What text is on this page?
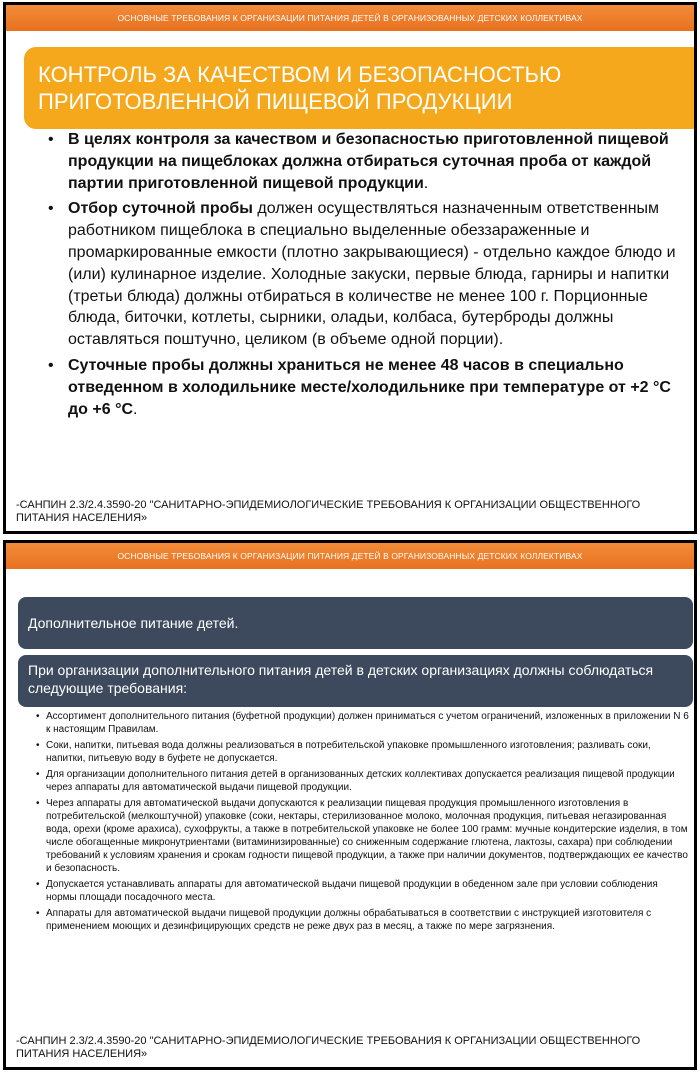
ОСНОВНЫЕ ТРЕБОВАНИЯ К ОРГАНИЗАЦИИ ПИТАНИЯ ДЕТЕЙ В ОРГАНИЗОВАННЫХ ДЕТСКИХ КОЛЛЕКТИВАХ
КОНТРОЛЬ ЗА КАЧЕСТВОМ И БЕЗОПАСНОСТЬЮ
ПРИГОТОВЛЕННОЙ ПИЩЕВОЙ ПРОДУКЦИИ
• В целях контроля за качеством и безопасностью приготовленной пищевой продукции на пищеблоках должна отбираться суточная проба от каждой партии приготовленной пищевой продукции.
• Отбор суточной пробы должен осуществляться назначенным ответственным работником пищеблока в специально выделенные обеззараженные и промаркированные емкости (плотно закрывающиеся) - отдельно каждое блюдо и (или) кулинарное изделие. Холодные закуски, первые блюда, гарниры и напитки (третьи блюда) должны отбираться в количестве не менее 100 г. Порционные блюда, биточки, котлеты, сырники, оладьи, колбаса, бутерброды должны оставляться поштучно, целиком (в объеме одной порции).
• Суточные пробы должны храниться не менее 48 часов в специально отведенном в холодильнике месте/холодильнике при температуре от +2 °С до +6 °С.
-САНПИН 2.3/2.4.3590-20 "САНИТАРНО-ЭПИДЕМИОЛОГИЧЕСКИЕ ТРЕБОВАНИЯ К ОРГАНИЗАЦИИ ОБЩЕСТВЕННОГО ПИТАНИЯ НАСЕЛЕНИЯ»
ОСНОВНЫЕ ТРЕБОВАНИЯ К ОРГАНИЗАЦИИ ПИТАНИЯ ДЕТЕЙ В ОРГАНИЗОВАННЫХ ДЕТСКИХ КОЛЛЕКТИВАХ
Дополнительное питание детей.
При организации дополнительного питания детей в детских организациях должны соблюдаться следующие требования:
• Ассортимент дополнительного питания (буфетной продукции) должен приниматься с учетом ограничений, изложенных в приложении N 6 к настоящим Правилам.
• Соки, напитки, питьевая вода должны реализоваться в потребительской упаковке промышленного изготовления; разливать соки, напитки, питьевую воду в буфете не допускается.
• Для организации дополнительного питания детей в организованных детских коллективах допускается реализация пищевой продукции через аппараты для автоматической выдачи пищевой продукции.
• Через аппараты для автоматической выдачи допускаются к реализации пищевая продукция промышленного изготовления в потребительской (мелкоштучной) упаковке (соки, нектары, стерилизованное молоко, молочная продукция, питьевая негазированная вода, орехи (кроме арахиса), сухофрукты, а также в потребительской упаковке не более 100 грамм: мучные кондитерские изделия, в том числе обогащенные микронутриентами (витаминизированные) со сниженным содержание глютена, лактозы, сахара) при соблюдении требований к условиям хранения и срокам годности пищевой продукции, а также при наличии документов, подтверждающих ее качество и безопасность.
• Допускается устанавливать аппараты для автоматической выдачи пищевой продукции в обеденном зале при условии соблюдения нормы площади посадочного места.
• Аппараты для автоматической выдачи пищевой продукции должны обрабатываться в соответствии с инструкцией изготовителя с применением моющих и дезинфицирующих средств не реже двух раз в месяц, а также по мере загрязнения.
-САНПИН 2.3/2.4.3590-20 "САНИТАРНО-ЭПИДЕМИОЛОГИЧЕСКИЕ ТРЕБОВАНИЯ К ОРГАНИЗАЦИИ ОБЩЕСТВЕННОГО ПИТАНИЯ НАСЕЛЕНИЯ»
